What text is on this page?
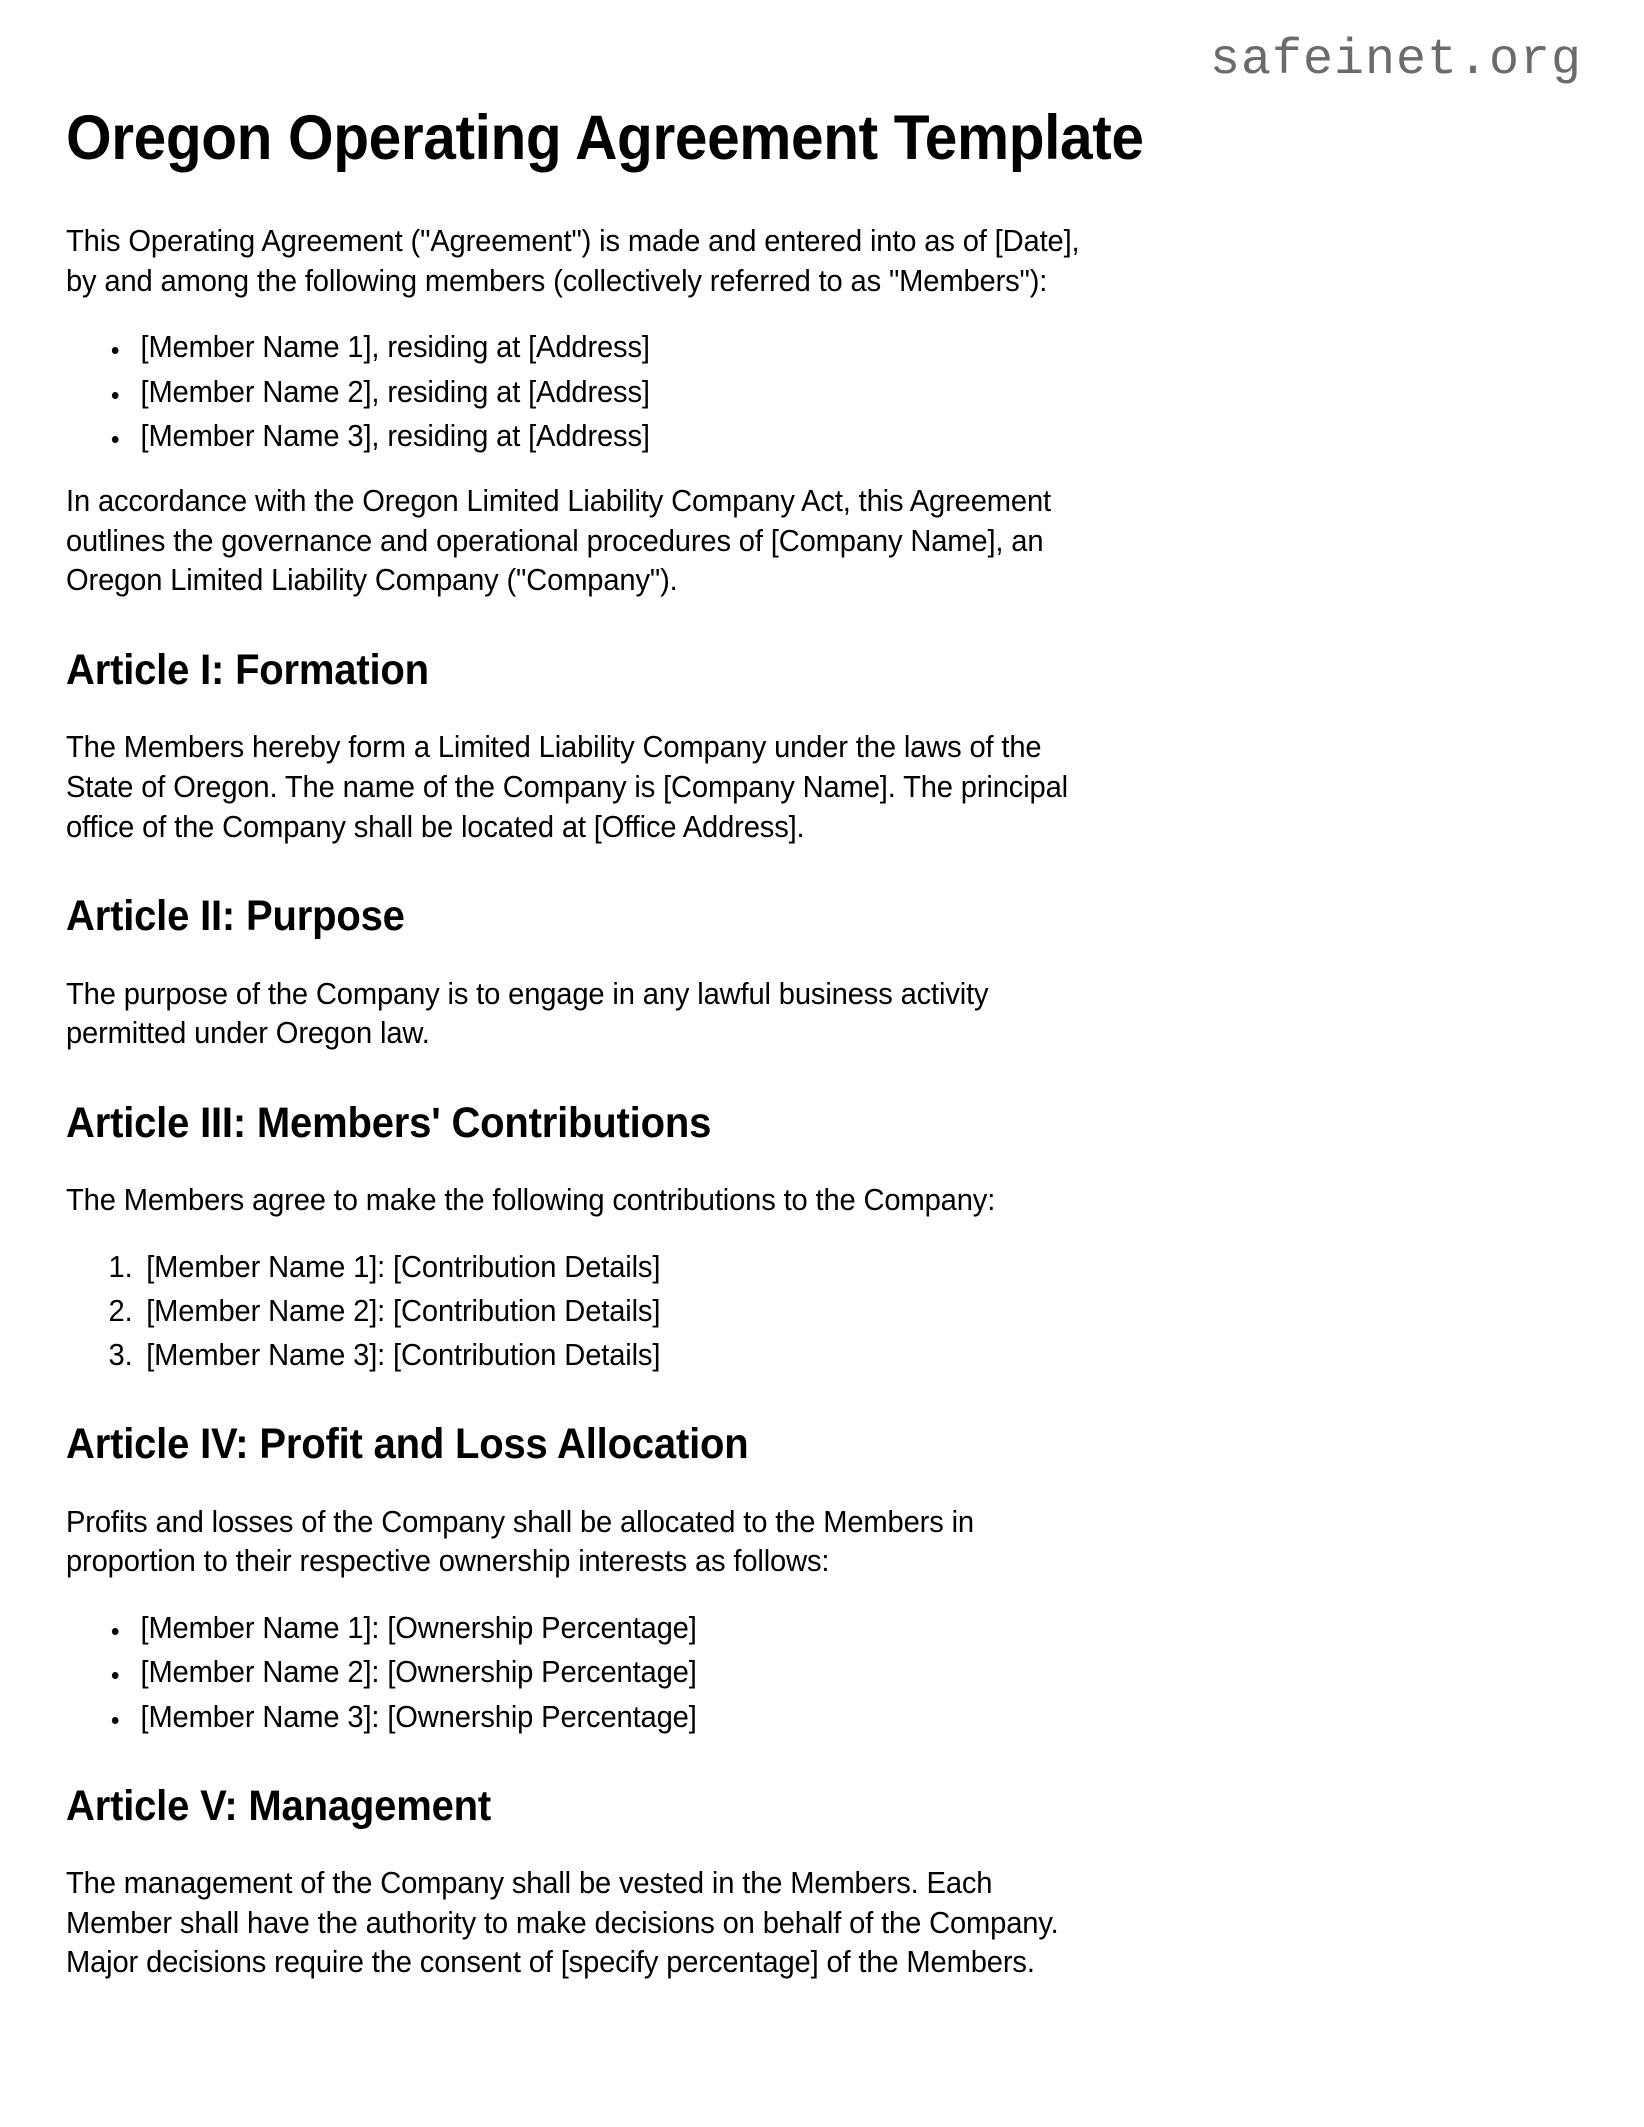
safeinet.org
Oregon Operating Agreement Template

This Operating Agreement ("Agreement") is made and entered into as of [Date], by and among the following members (collectively referred to as "Members"):

• [Member Name 1], residing at [Address]
• [Member Name 2], residing at [Address]
• [Member Name 3], residing at [Address]

In accordance with the Oregon Limited Liability Company Act, this Agreement outlines the governance and operational procedures of [Company Name], an Oregon Limited Liability Company ("Company").

Article I: Formation

The Members hereby form a Limited Liability Company under the laws of the State of Oregon. The name of the Company is [Company Name]. The principal office of the Company shall be located at [Office Address].

Article II: Purpose

The purpose of the Company is to engage in any lawful business activity permitted under Oregon law.

Article III: Members' Contributions

The Members agree to make the following contributions to the Company:

1. [Member Name 1]: [Contribution Details]
2. [Member Name 2]: [Contribution Details]
3. [Member Name 3]: [Contribution Details]
Article IV: Profit and Loss Allocation

Profits and losses of the Company shall be allocated to the Members in proportion to their respective ownership interests as follows:

• [Member Name 1]: [Ownership Percentage]
• [Member Name 2]: [Ownership Percentage]
• [Member Name 3]: [Ownership Percentage]
Article V: Management

The management of the Company shall be vested in the Members. Each Member shall have the authority to make decisions on behalf of the Company. Major decisions require the consent of [specify percentage] of the Members.
